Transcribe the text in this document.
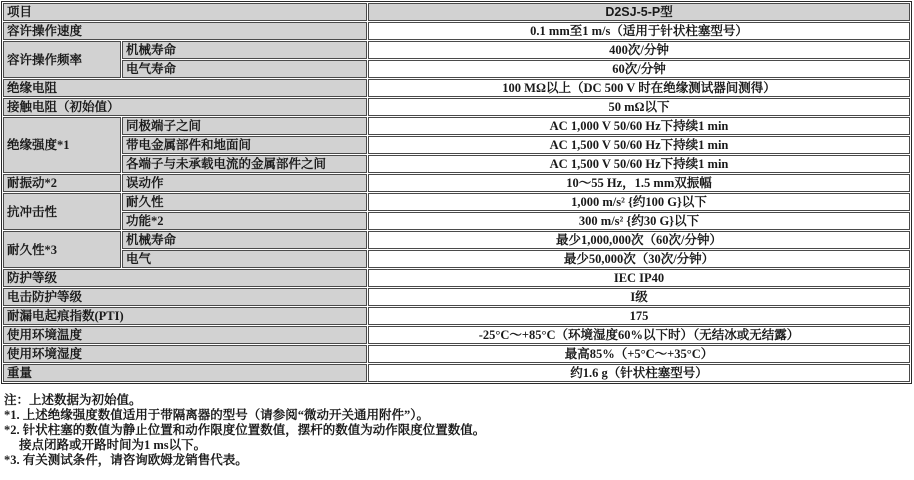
项目		D2SJ-5-P型
容许操作速度		0.1 mm至1 m/s（适用于针状柱塞型号）
容许操作频率	机械寿命	400次/分钟
	电气寿命	60次/分钟
绝缘电阻		100 MΩ以上（DC 500 V 时在绝缘测试器间测得）
接触电阻（初始值）		50 mΩ以下
绝缘强度*1	同极端子之间	AC 1,000 V 50/60 Hz下持续1 min
	带电金属部件和地面间	AC 1,500 V 50/60 Hz下持续1 min
	各端子与未承载电流的金属部件之间	AC 1,500 V 50/60 Hz下持续1 min
耐振动*2	误动作	10～55 Hz，1.5 mm双振幅
抗冲击性	耐久性	1,000 m/s² {约100 G}以下
	功能*2	300 m/s² {约30 G}以下
耐久性*3	机械寿命	最少1,000,000次（60次/分钟）
	电气	最少50,000次（30次/分钟）
防护等级		IEC IP40
电击防护等级		I级
耐漏电起痕指数(PTI)		175
使用环境温度		-25°C～+85°C（环境湿度60%以下时）（无结冰或无结露）
使用环境湿度		最高85%（+5°C～+35°C）
重量		约1.6 g（针状柱塞型号）
注：上述数据为初始值。
*1. 上述绝缘强度数值适用于带隔离器的型号（请参阅“微动开关通用附件”）。
*2. 针状柱塞的数值为静止位置和动作限度位置数值，摆杆的数值为动作限度位置数值。
接点闭路或开路时间为1 ms以下。
*3. 有关测试条件，请咨询欧姆龙销售代表。
